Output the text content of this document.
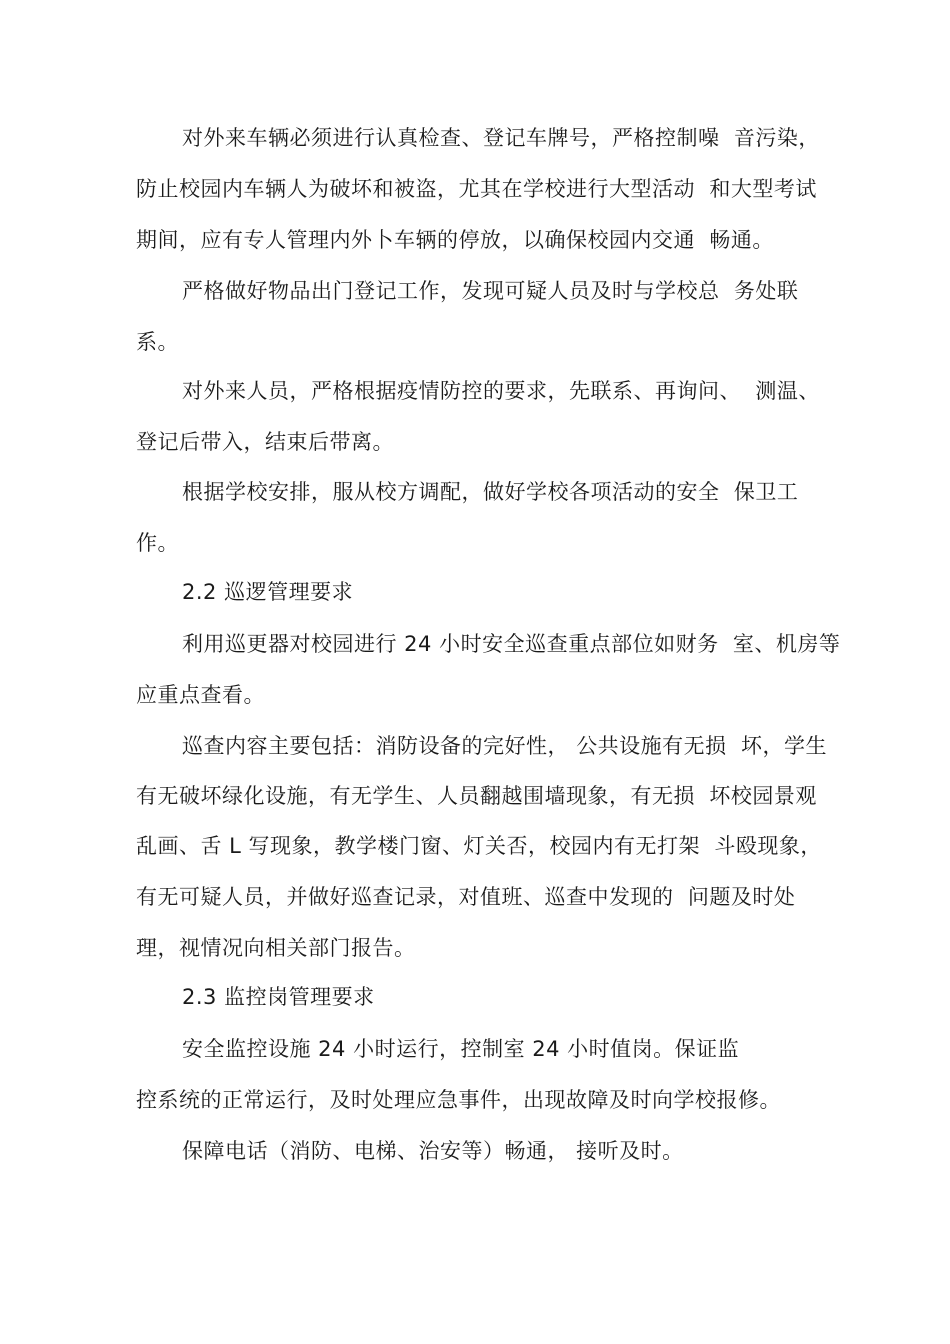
对外来车辆必须进行认真检查、登记车牌号，严格控制噪  音污染，
防止校园内车辆人为破坏和被盗，尤其在学校进行大型活动  和大型考试
期间，应有专人管理内外卜车辆的停放，以确保校园内交通  畅通。
严格做好物品出门登记工作，发现可疑人员及时与学校总  务处联
系。
对外来人员，严格根据疫情防控的要求，先联系、再询问、  测温、
登记后带入，结束后带离。
根据学校安排，服从校方调配，做好学校各项活动的安全  保卫工
作。
2.2 巡逻管理要求
利用巡更器对校园进行 24 小时安全巡查重点部位如财务  室、机房等
应重点查看。
巡查内容主要包括：消防设备的完好性， 公共设施有无损  坏，学生
有无破坏绿化设施，有无学生、人员翻越围墙现象，有无损  坏校园景观
乱画、舌 L 写现象，教学楼门窗、灯关否，校园内有无打架  斗殴现象，
有无可疑人员，并做好巡查记录，对值班、巡查中发现的  问题及时处
理，视情况向相关部门报告。
2.3 监控岗管理要求
安全监控设施 24 小时运行，控制室 24 小时值岗。保证监
控系统的正常运行，及时处理应急事件，出现故障及时向学校报修。
保障电话（消防、电梯、治安等）畅通， 接听及时。
